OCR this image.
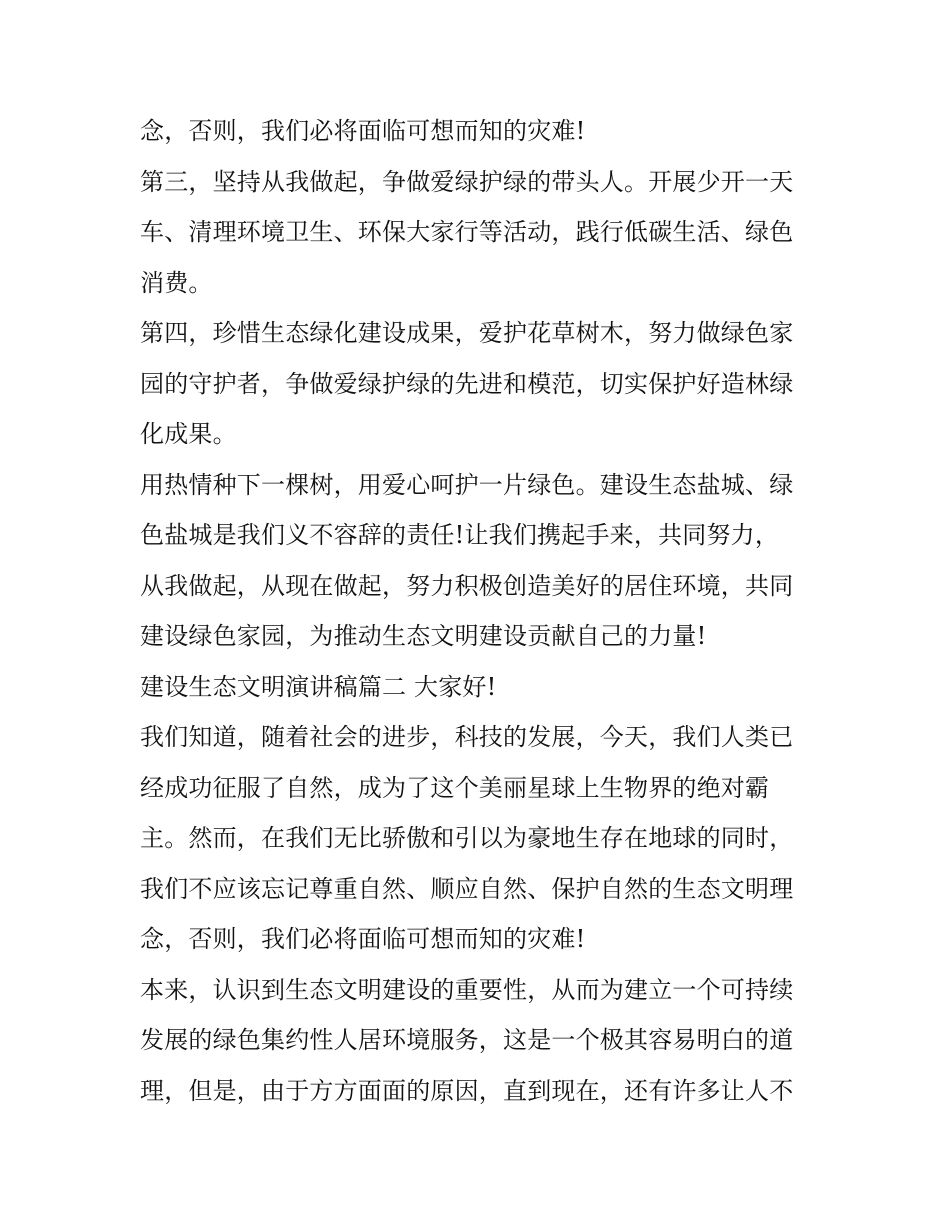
念，否则，我们必将面临可想而知的灾难!
第三，坚持从我做起，争做爱绿护绿的带头人。开展少开一天
车、清理环境卫生、环保大家行等活动，践行低碳生活、绿色
消费。
第四，珍惜生态绿化建设成果，爱护花草树木，努力做绿色家
园的守护者，争做爱绿护绿的先进和模范，切实保护好造林绿
化成果。
用热情种下一棵树，用爱心呵护一片绿色。建设生态盐城、绿
色盐城是我们义不容辞的责任!让我们携起手来，共同努力，
从我做起，从现在做起，努力积极创造美好的居住环境，共同
建设绿色家园，为推动生态文明建设贡献自己的力量!
建设生态文明演讲稿篇二 大家好!
我们知道，随着社会的进步，科技的发展，今天，我们人类已
经成功征服了自然，成为了这个美丽星球上生物界的绝对霸
主。然而，在我们无比骄傲和引以为豪地生存在地球的同时，
我们不应该忘记尊重自然、顺应自然、保护自然的生态文明理
念，否则，我们必将面临可想而知的灾难!
本来，认识到生态文明建设的重要性，从而为建立一个可持续
发展的绿色集约性人居环境服务，这是一个极其容易明白的道
理，但是，由于方方面面的原因，直到现在，还有许多让人不
